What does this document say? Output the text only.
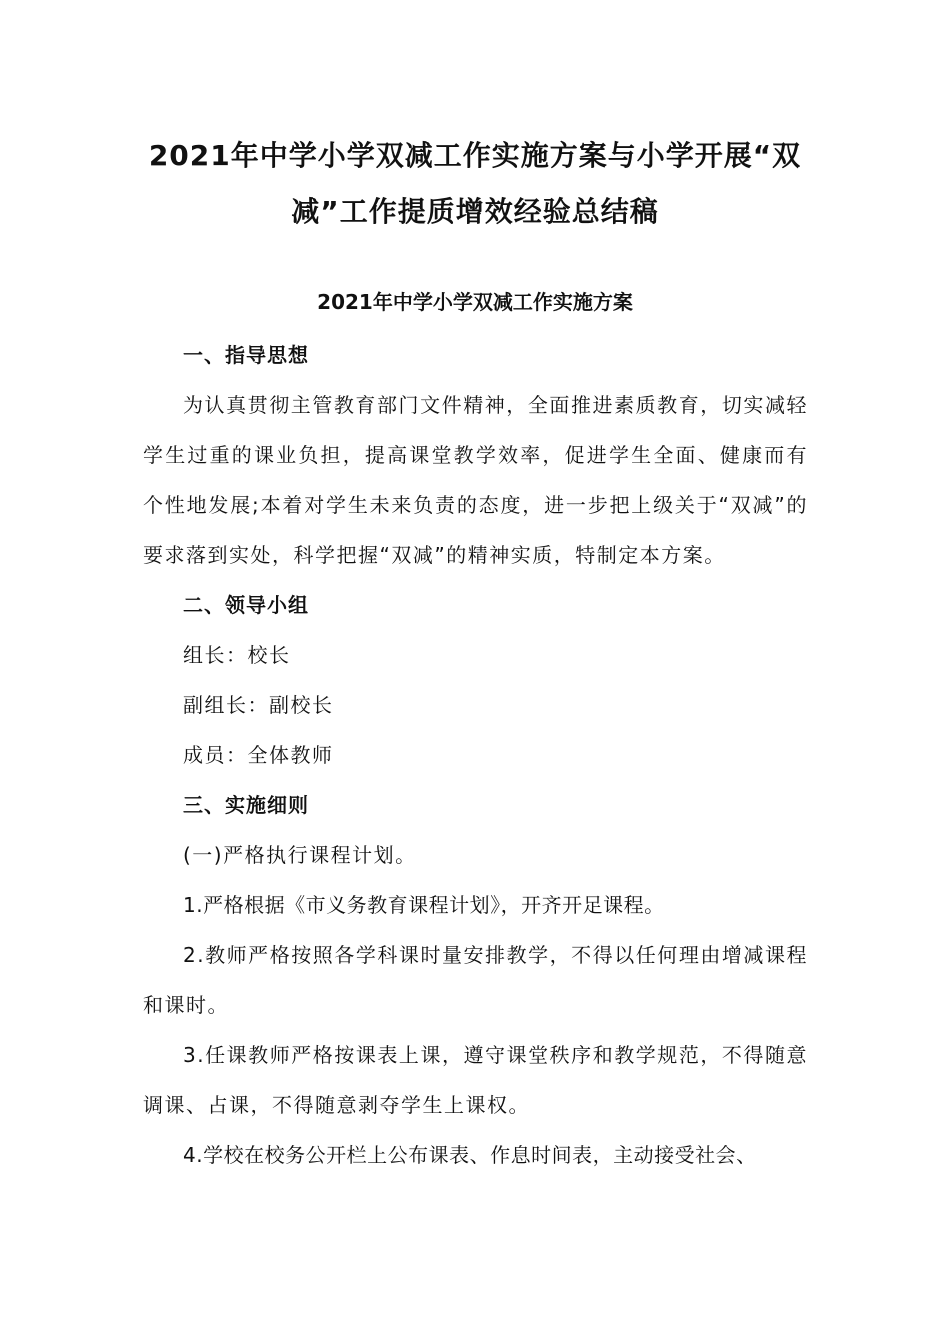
2021年中学小学双减工作实施方案与小学开展“双
减”工作提质增效经验总结稿
2021年中学小学双减工作实施方案

一、指导思想

为认真贯彻主管教育部门文件精神，全面推进素质教育，切实减轻学生过重的课业负担，提高课堂教学效率，促进学生全面、健康而有个性地发展;本着对学生未来负责的态度，进一步把上级关于“双减”的要求落到实处，科学把握“双减”的精神实质，特制定本方案。

二、领导小组

组长：校长

副组长：副校长

成员：全体教师

三、实施细则

(一)严格执行课程计划。

1.严格根据《市义务教育课程计划》，开齐开足课程。

2.教师严格按照各学科课时量安排教学，不得以任何理由增减课程和课时。

3.任课教师严格按课表上课，遵守课堂秩序和教学规范，不得随意调课、占课，不得随意剥夺学生上课权。

4.学校在校务公开栏上公布课表、作息时间表，主动接受社会、
